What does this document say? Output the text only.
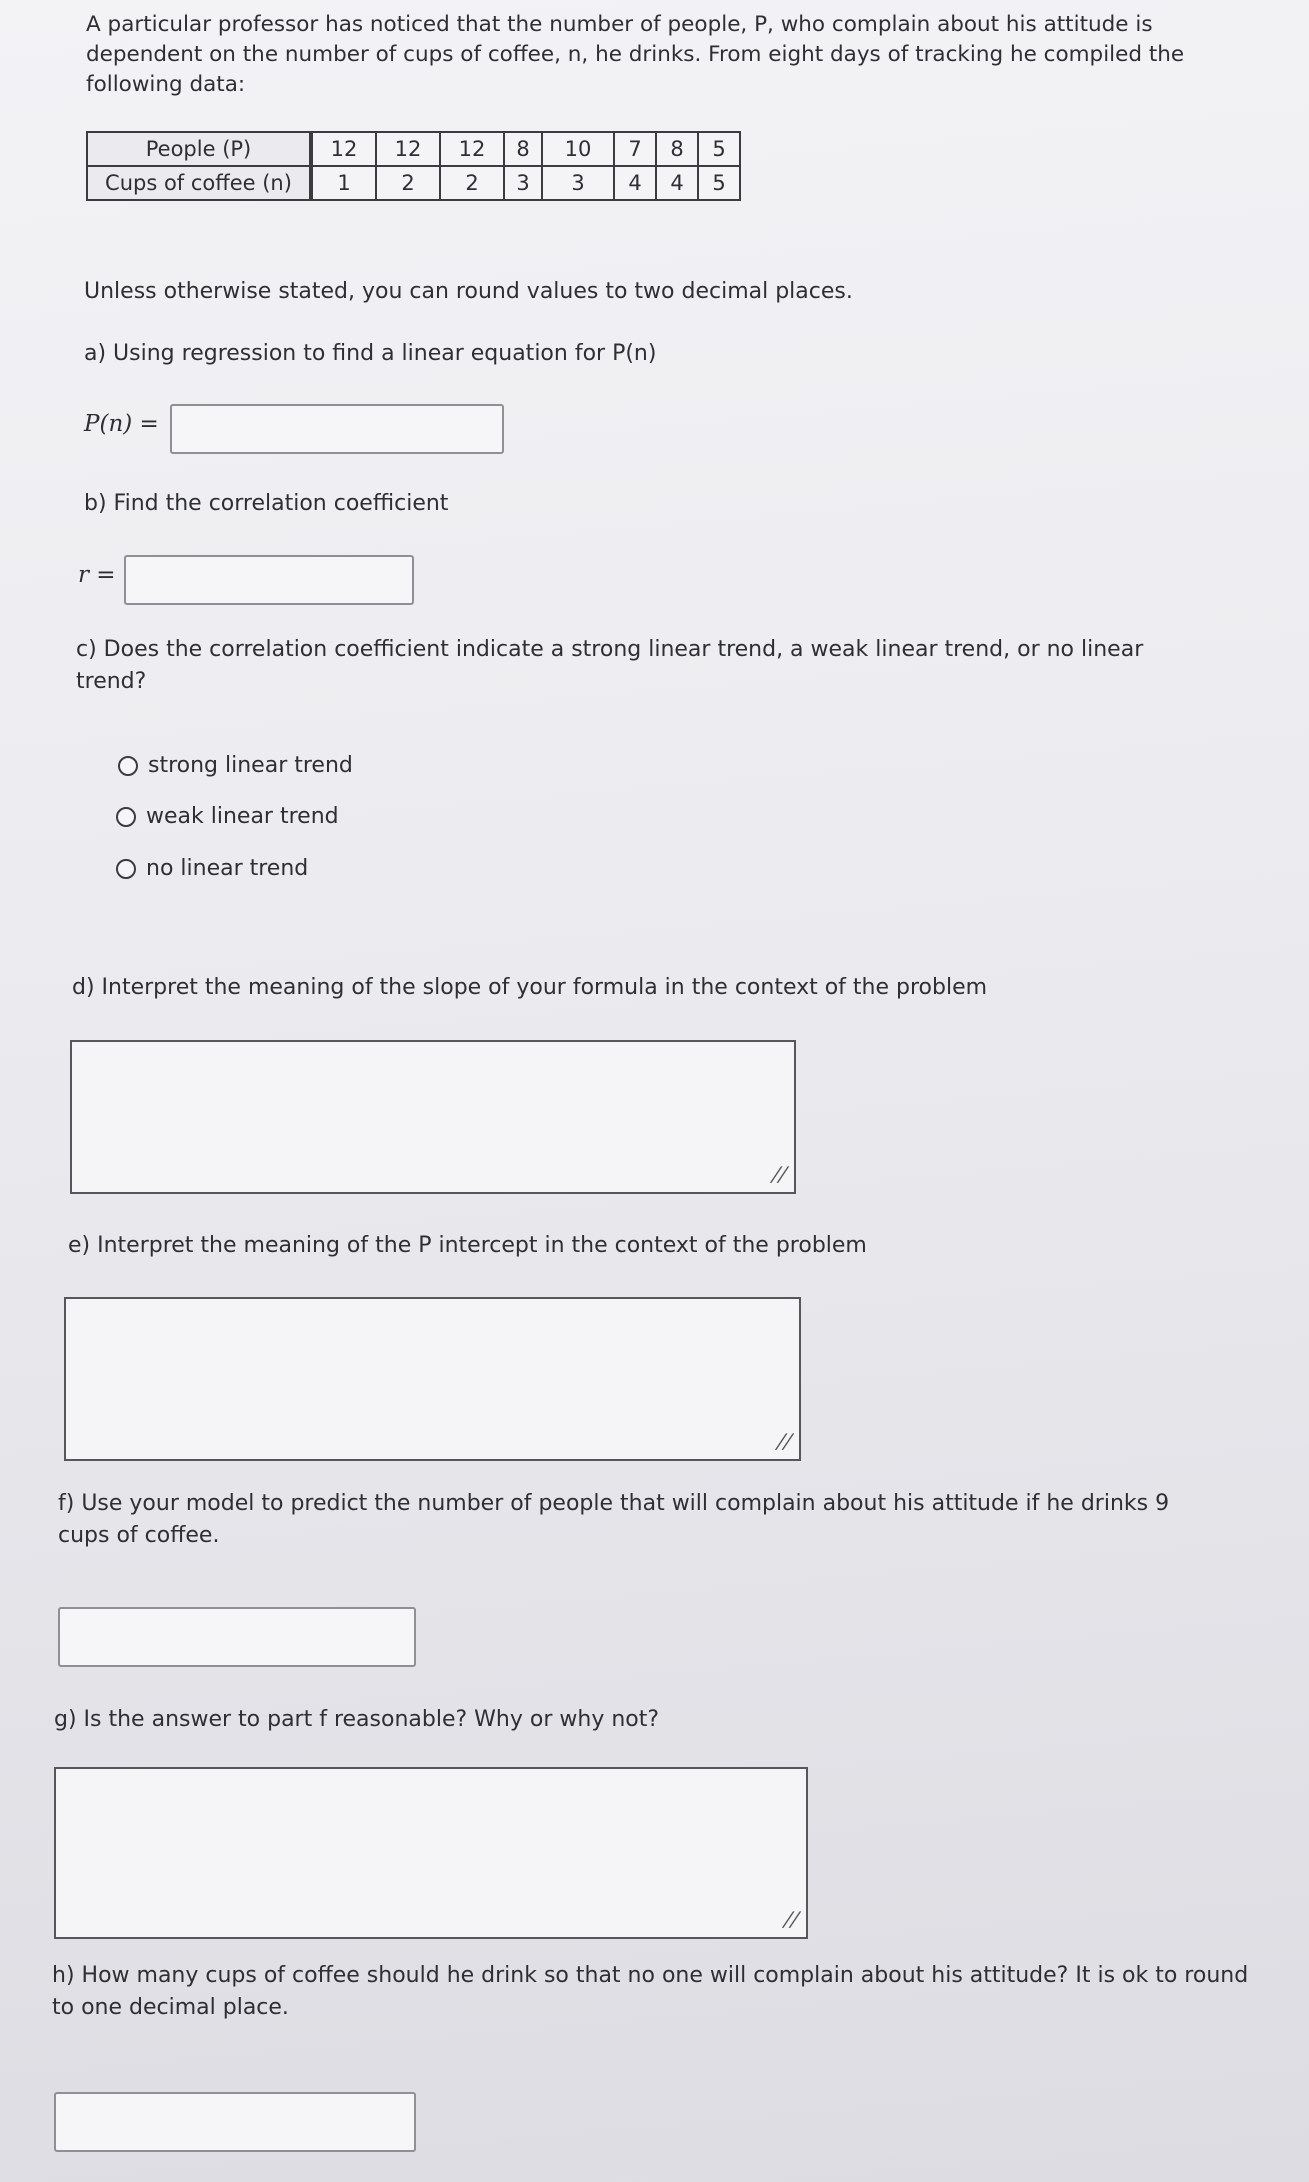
A particular professor has noticed that the number of people, P, who complain about his attitude is dependent on the number of cups of coffee, n, he drinks. From eight days of tracking he compiled the following data:
People (P)	12	12	12	8	10	7	8	5
Cups of coffee (n)	1	2	2	3	3	4	4	5
Unless otherwise stated, you can round values to two decimal places.
a) Using regression to find a linear equation for P(n)
P(n) =
b) Find the correlation coefficient
r =
c) Does the correlation coefficient indicate a strong linear trend, a weak linear trend, or no linear trend?
strong linear trend
weak linear trend
no linear trend
d) Interpret the meaning of the slope of your formula in the context of the problem
//
e) Interpret the meaning of the P intercept in the context of the problem
//
f) Use your model to predict the number of people that will complain about his attitude if he drinks 9 cups of coffee.
g) Is the answer to part f reasonable? Why or why not?
//
h) How many cups of coffee should he drink so that no one will complain about his attitude? It is ok to round to one decimal place.
